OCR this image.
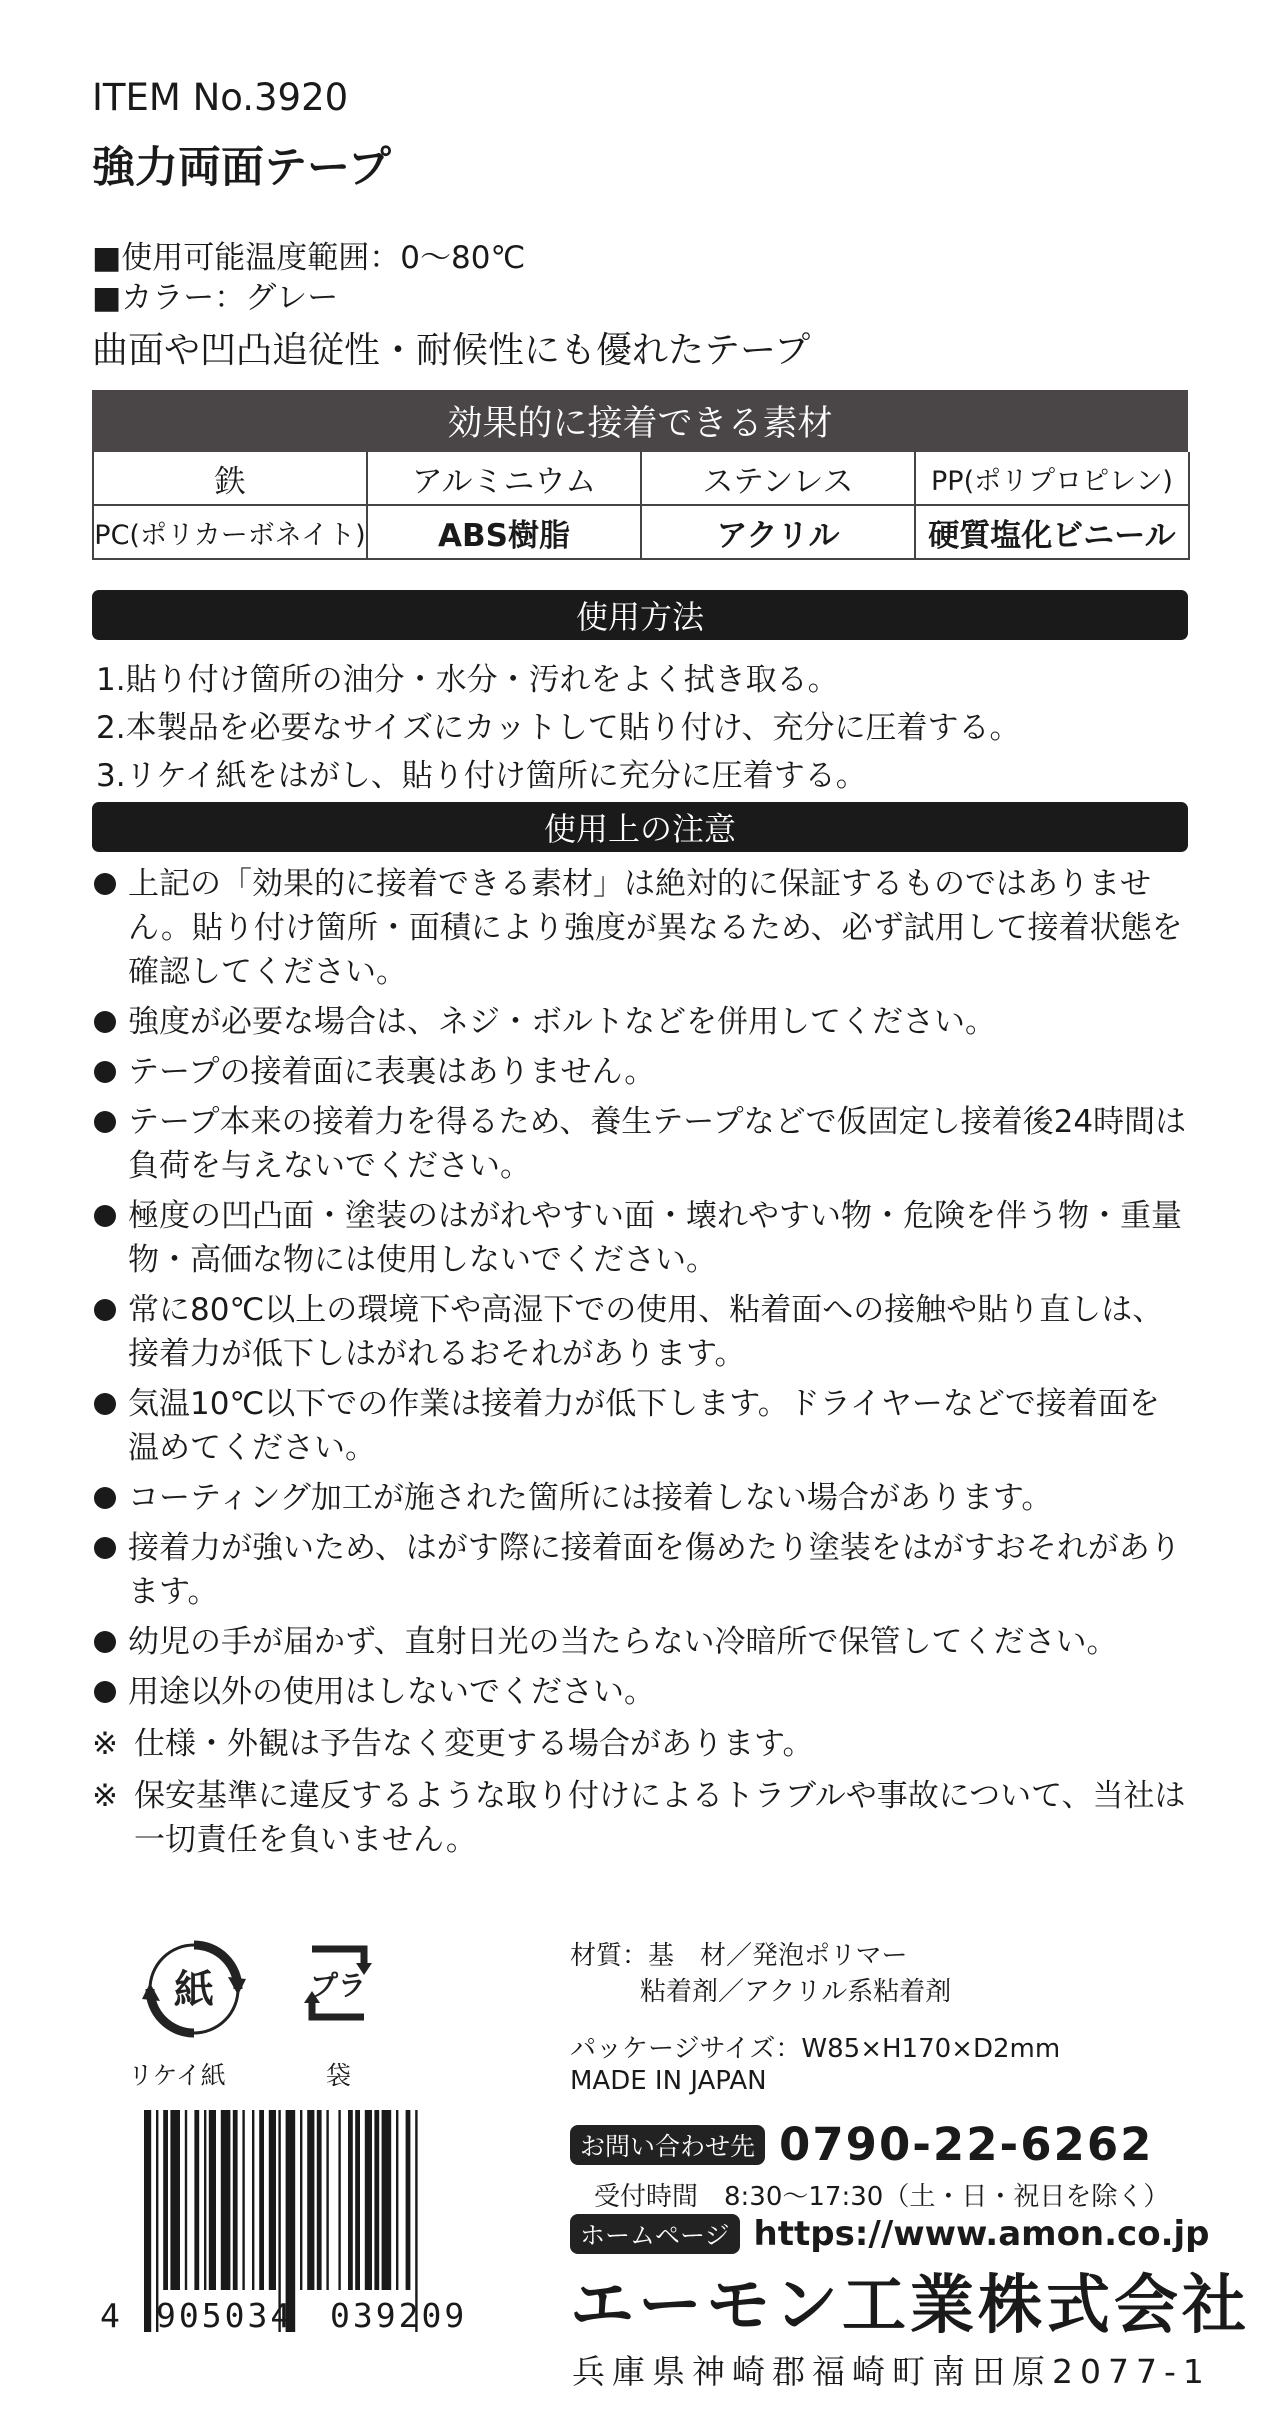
ITEM No.3920
強力両面テープ
■使用可能温度範囲：0～80℃
■カラー：グレー
曲面や凹凸追従性・耐候性にも優れたテープ
効果的に接着できる素材
鉄	アルミニウム	ステンレス	PP(ポリプロピレン)
PC(ポリカーボネイト)	ABS樹脂	アクリル	硬質塩化ビニール
使用方法
1.貼り付け箇所の油分・水分・汚れをよく拭き取る。
2.本製品を必要なサイズにカットして貼り付け、充分に圧着する。
3.リケイ紙をはがし、貼り付け箇所に充分に圧着する。
使用上の注意
上記の「効果的に接着できる素材」は絶対的に保証するものではありません。貼り付け箇所・面積により強度が異なるため、必ず試用して接着状態を確認してください。
強度が必要な場合は、ネジ・ボルトなどを併用してください。
テープの接着面に表裏はありません。
テープ本来の接着力を得るため、養生テープなどで仮固定し接着後24時間は負荷を与えないでください。
極度の凹凸面・塗装のはがれやすい面・壊れやすい物・危険を伴う物・重量物・高価な物には使用しないでください。
常に80℃以上の環境下や高湿下での使用、粘着面への接触や貼り直しは、接着力が低下しはがれるおそれがあります。
気温10℃以下での作業は接着力が低下します。ドライヤーなどで接着面を温めてください。
コーティング加工が施された箇所には接着しない場合があります。
接着力が強いため、はがす際に接着面を傷めたり塗装をはがすおそれがあります。
幼児の手が届かず、直射日光の当たらない冷暗所で保管してください。
用途以外の使用はしないでください。
※ 仕様・外観は予告なく変更する場合があります。
※ 保安基準に違反するような取り付けによるトラブルや事故について、当社は一切責任を負いません。
紙
リケイ紙
プラ
袋
材質：基　材／発泡ポリマー
粘着剤／アクリル系粘着剤
パッケージサイズ：W85×H170×D2mm
MADE IN JAPAN
4 905034 039209
お問い合わせ先 0790-22-6262
受付時間　8:30～17:30（土・日・祝日を除く）
ホームページ https://www.amon.co.jp
エーモン工業株式会社
兵庫県神崎郡福崎町南田原2077-1
